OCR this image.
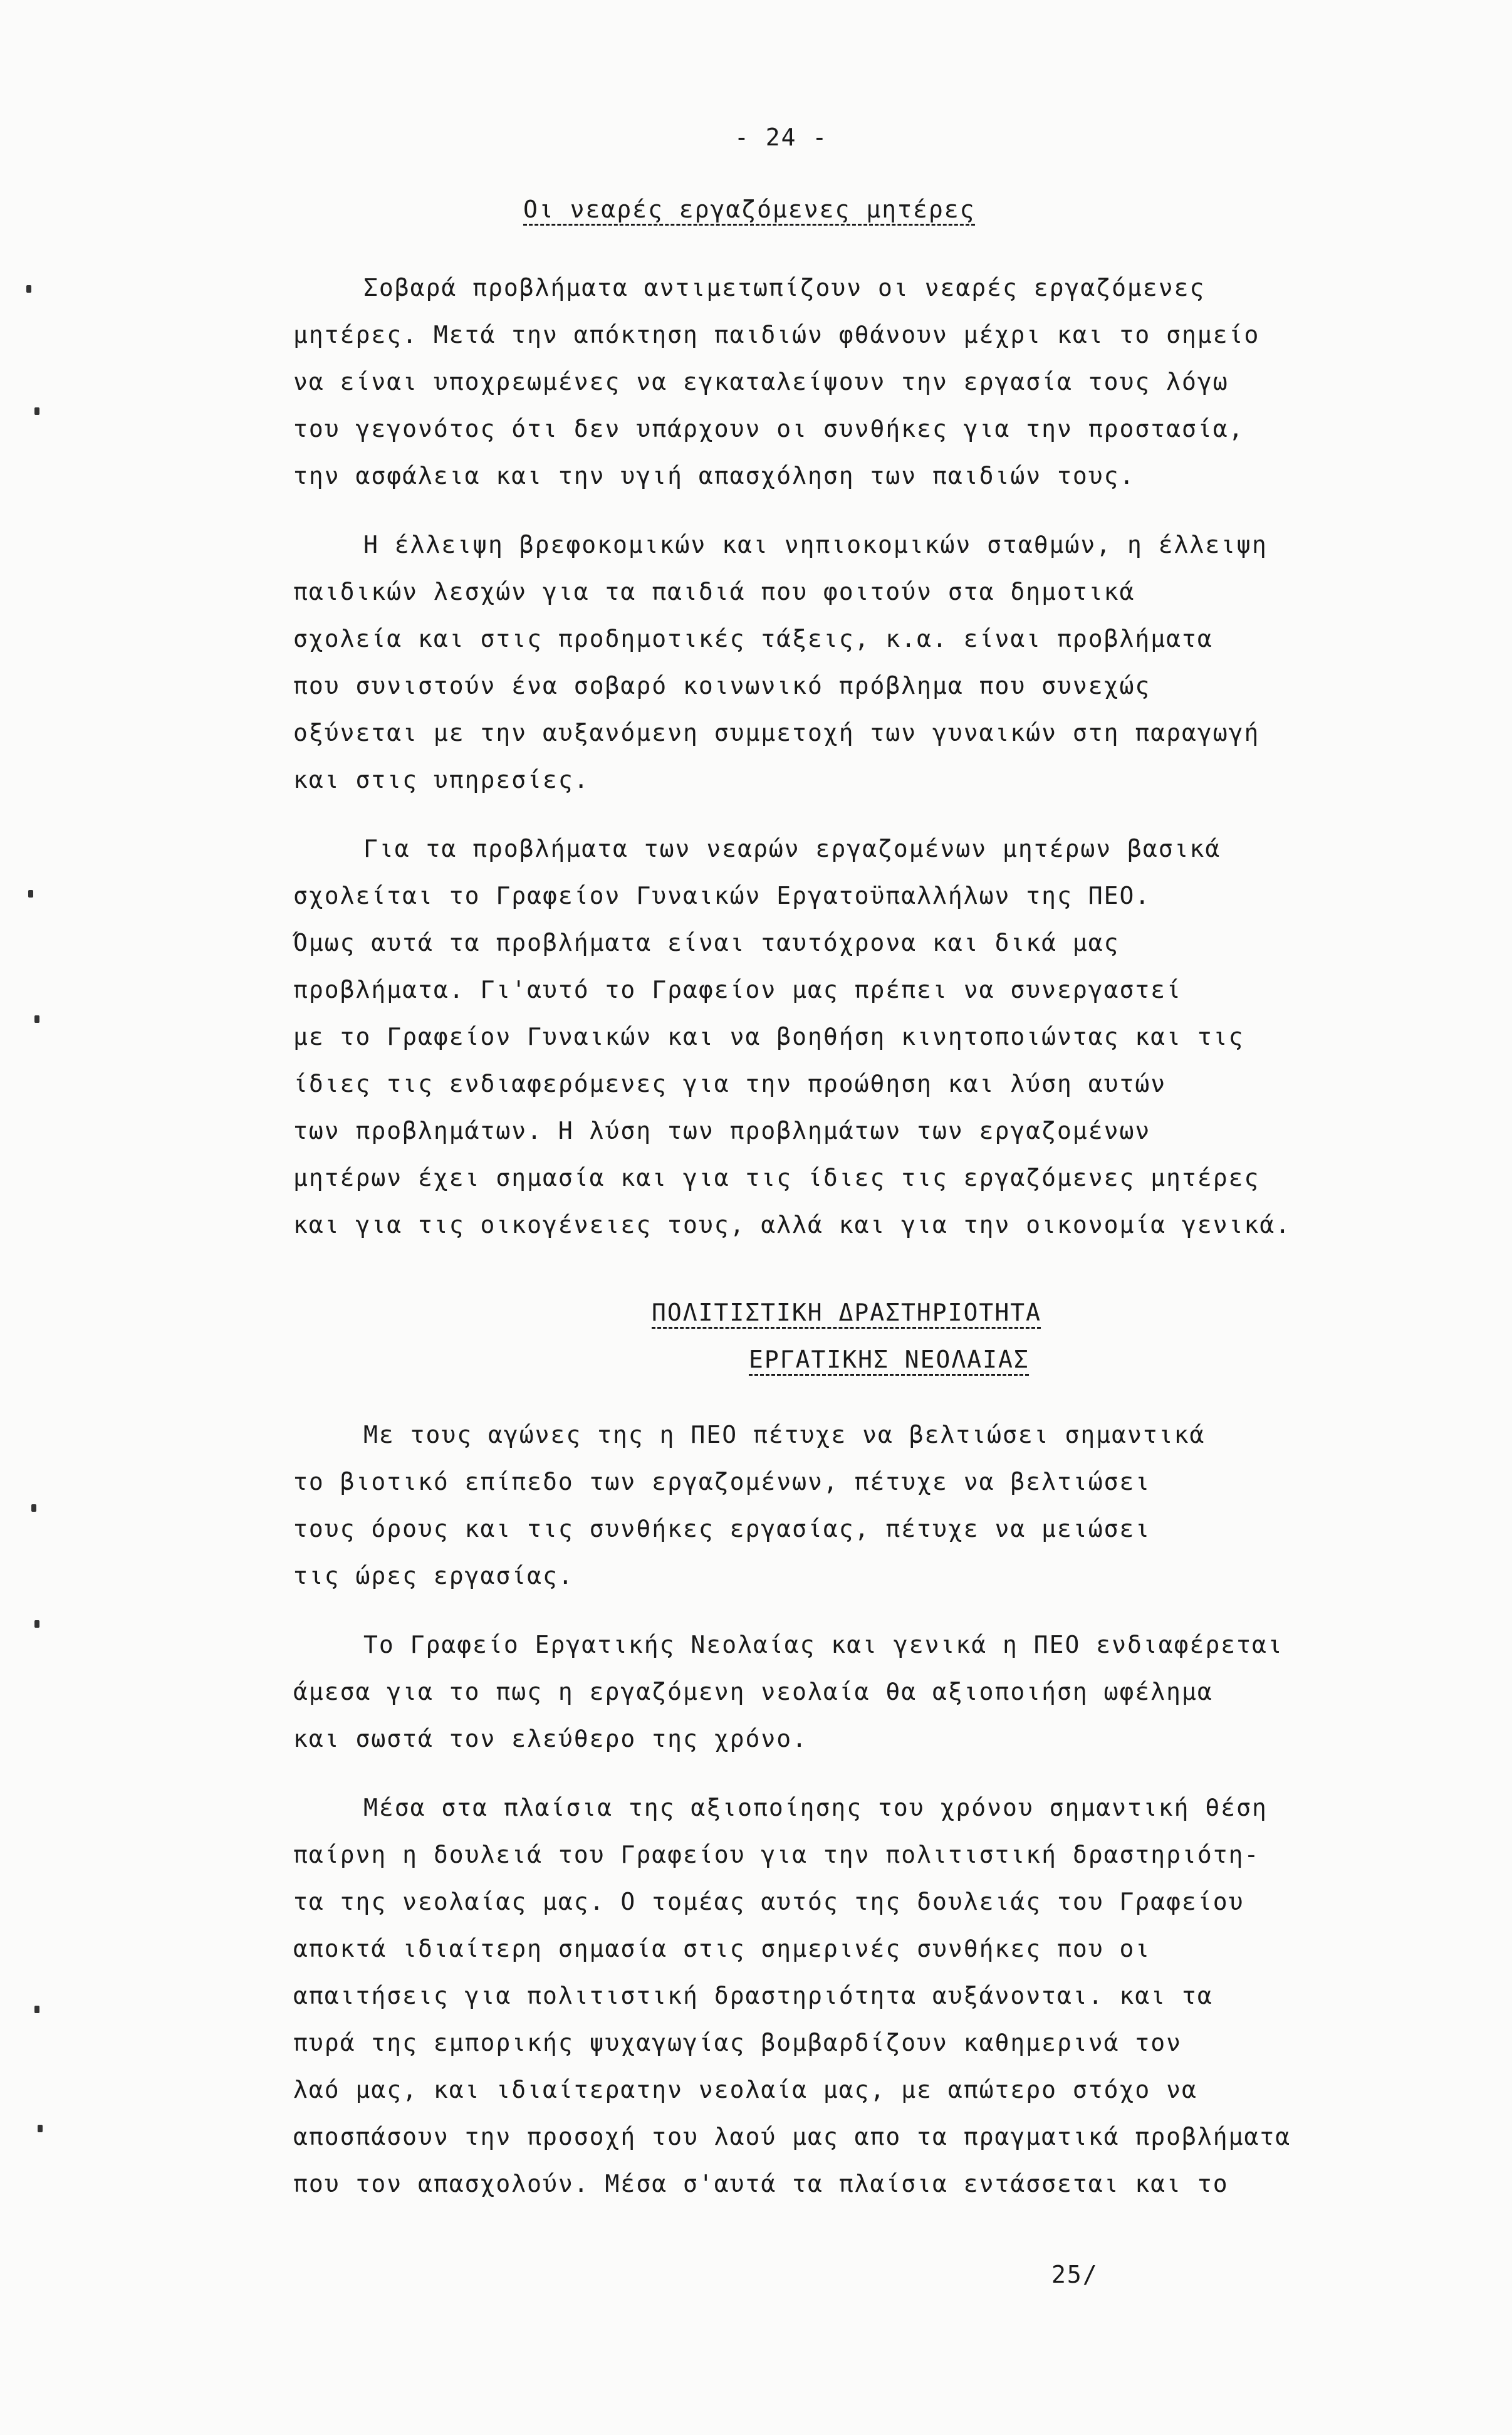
- 24 -
Οι νεαρές εργαζόμενες μητέρες
Σοβαρά προβλήματα αντιμετωπίζουν οι νεαρές εργαζόμενες
μητέρες. Μετά την απόκτηση παιδιών φθάνουν μέχρι και το σημείο
να είναι υποχρεωμένες να εγκαταλείψουν την εργασία τους λόγω
του γεγονότος ότι δεν υπάρχουν οι συνθήκες για την προστασία,
την ασφάλεια και την υγιή απασχόληση των παιδιών τους.
Η έλλειψη βρεφοκομικών και νηπιοκομικών σταθμών, η έλλειψη
παιδικών λεσχών για τα παιδιά που φοιτούν στα δημοτικά
σχολεία και στις προδημοτικές τάξεις, κ.α. είναι προβλήματα
που συνιστούν ένα σοβαρό κοινωνικό πρόβλημα που συνεχώς
οξύνεται με την αυξανόμενη συμμετοχή των γυναικών στη παραγωγή
και στις υπηρεσίες.
Για τα προβλήματα των νεαρών εργαζομένων μητέρων βασικά
σχολείται το Γραφείον Γυναικών Εργατοϋπαλλήλων της ΠΕΟ.
Όμως αυτά τα προβλήματα είναι ταυτόχρονα και δικά μας
προβλήματα. Γι'αυτό το Γραφείον μας πρέπει να συνεργαστεί
με το Γραφείον Γυναικών και να βοηθήση κινητοποιώντας και τις
ίδιες τις ενδιαφερόμενες για την προώθηση και λύση αυτών
των προβλημάτων. Η λύση των προβλημάτων των εργαζομένων
μητέρων έχει σημασία και για τις ίδιες τις εργαζόμενες μητέρες
και για τις οικογένειες τους, αλλά και για την οικονομία γενικά.
ΠΟΛΙΤΙΣΤΙΚΗ ΔΡΑΣΤΗΡΙΟΤΗΤΑ
ΕΡΓΑΤΙΚΗΣ ΝΕΟΛΑΙΑΣ
Με τους αγώνες της η ΠΕΟ πέτυχε να βελτιώσει σημαντικά
το βιοτικό επίπεδο των εργαζομένων, πέτυχε να βελτιώσει
τους όρους και τις συνθήκες εργασίας, πέτυχε να μειώσει
τις ώρες εργασίας.
Το Γραφείο Εργατικής Νεολαίας και γενικά η ΠΕΟ ενδιαφέρεται
άμεσα για το πως η εργαζόμενη νεολαία θα αξιοποιήση ωφέλημα
και σωστά τον ελεύθερο της χρόνο.
Μέσα στα πλαίσια της αξιοποίησης του χρόνου σημαντική θέση
παίρνη η δουλειά του Γραφείου για την πολιτιστική δραστηριότη-
τα της νεολαίας μας. Ο τομέας αυτός της δουλειάς του Γραφείου
αποκτά ιδιαίτερη σημασία στις σημερινές συνθήκες που οι
απαιτήσεις για πολιτιστική δραστηριότητα αυξάνονται. και τα
πυρά της εμπορικής ψυχαγωγίας βομβαρδίζουν καθημερινά τον
λαό μας, και ιδιαίτερατην νεολαία μας, με απώτερο στόχο να
αποσπάσουν την προσοχή του λαού μας απο τα πραγματικά προβλήματα
που τον απασχολούν. Μέσα σ'αυτά τα πλαίσια εντάσσεται και το
25/
